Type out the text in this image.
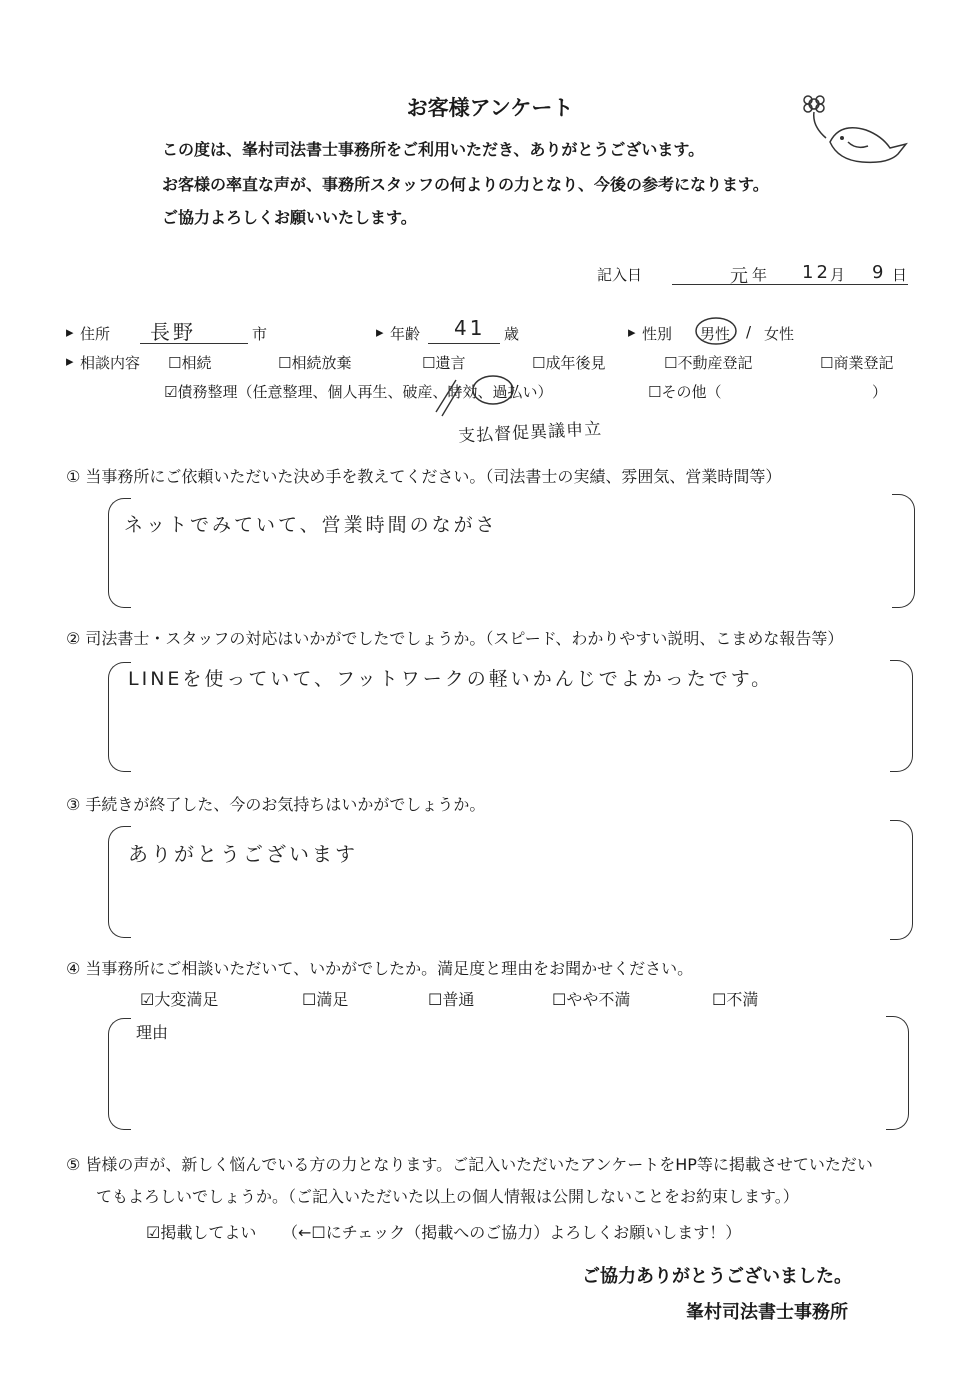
お客様アンケート
この度は、峯村司法書士事務所をご利用いただき、ありがとうございます。
お客様の率直な声が、事務所スタッフの何よりの力となり、今後の参考になります。
ご協力よろしくお願いいたします。
記入日	元 年 12 月 9 日
▸ 住所 長野	市	▸ 年齢 41 歳	▸ 性別 男性 / 女性
▸ 相談内容 ☐相続	☐相続放棄	☐遺言	☐成年後見	☐不動産登記	☐商業登記
☑債務整理（任意整理、個人再生、破産、時効、過払い）	☐その他（	）
支払督促異議申立
① 当事務所にご依頼いただいた決め手を教えてください。（司法書士の実績、雰囲気、営業時間等）
ネットでみていて、営業時間のながさ
② 司法書士・スタッフの対応はいかがでしたでしょうか。（スピード、わかりやすい説明、こまめな報告等）
LINEを使っていて、フットワークの軽いかんじでよかったです。
③ 手続きが終了した、今のお気持ちはいかがでしょうか。
ありがとうございます
④ 当事務所にご相談いただいて、いかがでしたか。満足度と理由をお聞かせください。
☑大変満足	☐満足	☐普通	☐やや不満	☐不満
理由
⑤ 皆様の声が、新しく悩んでいる方の力となります。ご記入いただいたアンケートをHP等に掲載させていただい
てもよろしいでしょうか。（ご記入いただいた以上の個人情報は公開しないことをお約束します。）
☑掲載してよい （←☐にチェック（掲載へのご協力）よろしくお願いします！）
ご協力ありがとうございました。
峯村司法書士事務所
